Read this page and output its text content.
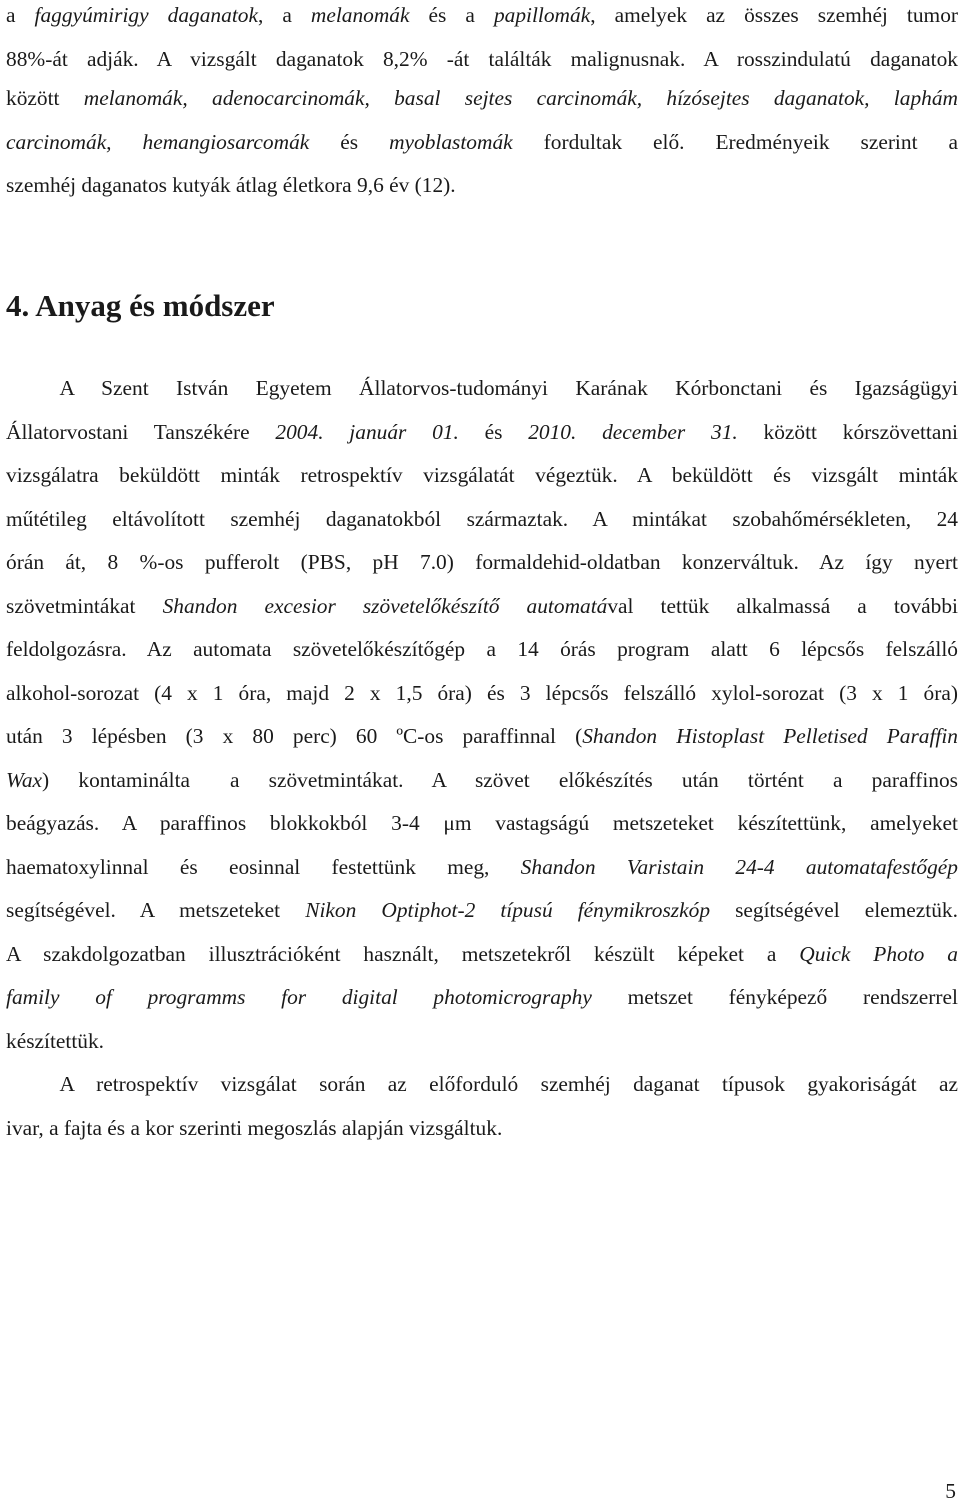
a faggyúmirigy daganatok, a melanomák és a papillomák, amelyek az összes szemhéj tumor
88%-át adják. A vizsgált daganatok 8,2% -át találták malignusnak. A rosszindulatú daganatok
között melanomák, adenocarcinomák, basal sejtes carcinomák, hízósejtes daganatok, laphám
carcinomák, hemangiosarcomák és myoblastomák fordultak elő. Eredményeik szerint a
szemhéj daganatos kutyák átlag életkora 9,6 év (12).
4. Anyag és módszer
   A Szent István Egyetem Állatorvos-tudományi Karának Kórbonctani és Igazságügyi
Állatorvostani Tanszékére 2004. január 01. és 2010. december 31. között kórszövettani
vizsgálatra beküldött minták retrospektív vizsgálatát végeztük. A beküldött és vizsgált minták
műtétileg eltávolított szemhéj daganatokból származtak. A mintákat szobahőmérsékleten, 24
órán át, 8 %-os pufferolt (PBS, pH 7.0) formaldehid-oldatban konzerváltuk. Az így nyert
szövetmintákat Shandon excesior szövetelőkészítő automatával tettük alkalmassá a további
feldolgozásra. Az automata szövetelőkészítőgép a 14 órás program alatt 6 lépcsős felszálló
alkohol-sorozat (4 x 1 óra, majd 2 x 1,5 óra) és 3 lépcsős felszálló xylol-sorozat (3 x 1 óra)
után 3 lépésben (3 x 80 perc) 60 ºC-os paraffinnal (Shandon Histoplast Pelletised Paraffin
Wax) kontaminálta  a szövetmintákat. A szövet előkészítés után történt a paraffinos
beágyazás. A paraffinos blokkokból 3-4 μm vastagságú metszeteket készítettünk, amelyeket
haematoxylinnal és eosinnal festettünk meg, Shandon Varistain 24-4 automatafestőgép
segítségével. A metszeteket Nikon Optiphot-2 típusú fénymikroszkóp segítségével elemeztük.
A szakdolgozatban illusztrációként használt, metszetekről készült képeket a Quick Photo a
family of programms for digital photomicrography metszet fényképező rendszerrel
készítettük.
   A retrospektív vizsgálat során az előforduló szemhéj daganat típusok gyakoriságát az
ivar, a fajta és a kor szerinti megoszlás alapján vizsgáltuk.
5
